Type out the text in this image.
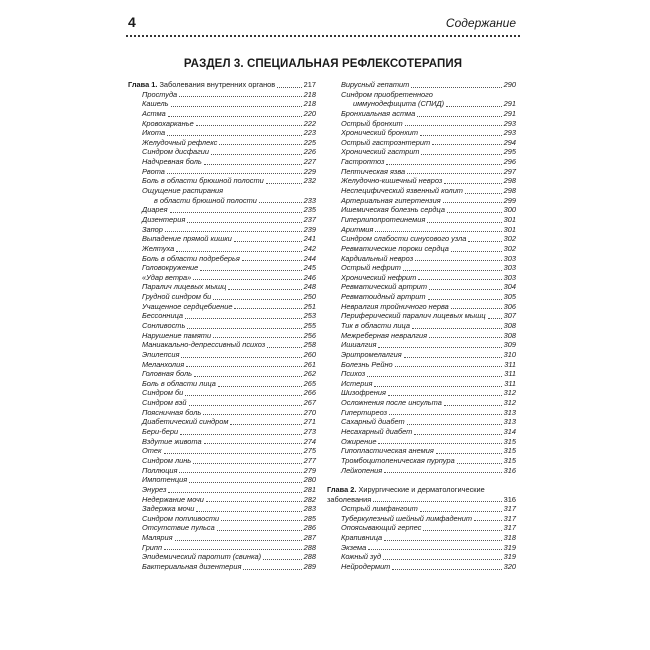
4	Содержание
РАЗДЕЛ 3. СПЕЦИАЛЬНАЯ РЕФЛЕКСОТЕРАПИЯ
Глава 1. Заболевания внутренних органов	217
Простуда	218
Кашель	218
Астма	220
Кровохарканье	222
Икота	223
Желудочный рефлекс	225
Синдром дисфагии	226
Надчревная боль	227
Рвота	229
Боль в области брюшной полости	232
Ощущение распирания
в области брюшной полости	233
Диарея	235
Дизентерия	237
Запор	239
Выпадение прямой кишки	241
Желтуха	242
Боль в области подреберья	244
Головокружение	245
«Удар ветра»	246
Паралич лицевых мышц	248
Грудной синдром би	250
Учащенное сердцебиение	251
Бессонница	253
Сонливость	255
Нарушение памяти	256
Маниакально-депрессивный психоз	258
Эпилепсия	260
Меланхолия	261
Головная боль	262
Боль в области лица	265
Синдром би	266
Синдром вэй	267
Поясничная боль	270
Диабетический синдром	271
Бери-бери	273
Вздутие живота	274
Отек	275
Синдром линь	277
Поллюция	279
Импотенция	280
Энурез	281
Недержание мочи	282
Задержка мочи	283
Синдром потливости	285
Отсутствие пульса	286
Малярия	287
Грипп	288
Эпидемический паротит (свинка)	288
Бактериальная дизентерия	289
Вирусный гепатит	290
Синдром приобретенного
иммунодефицита (СПИД)	291
Бронхиальная астма	291
Острый бронхит	293
Хронический бронхит	293
Острый гастроэнтерит	294
Хронический гастрит	295
Гастроптоз	296
Пептическая язва	297
Желудочно-кишечный невроз	298
Неспецифический язвенный колит	298
Артериальная гипертензия	299
Ишемическая болезнь сердца	300
Гиперлипопротеинемия	301
Аритмия	301
Синдром слабости синусового узла	302
Ревматические пороки сердца	302
Кардиальный невроз	303
Острый нефрит	303
Хронический нефрит	303
Ревматический артрит	304
Ревматоидный артрит	305
Невралгия тройничного нерва	306
Периферический паралич лицевых мышц 307
Тик в области лица	308
Межреберная невралгия	308
Ишиалгия	309
Эритромелалгия	310
Болезнь Рейно	311
Психоз	311
Истерия	311
Шизофрения	312
Осложнения после инсульта	312
Гипертиреоз	313
Сахарный диабет	313
Несахарный диабет	314
Ожирение	315
Гипопластическая анемия	315
Тромбоцитопеническая пурпура	315
Лейкопения	316
Глава 2. Хирургические и дерматологические
заболевания	316
Острый лимфангоит	317
Туберкулезный шейный лимфаденит	317
Опоясывающий герпес	317
Крапивница	318
Экзема	319
Кожный зуд	319
Нейродермит	320
